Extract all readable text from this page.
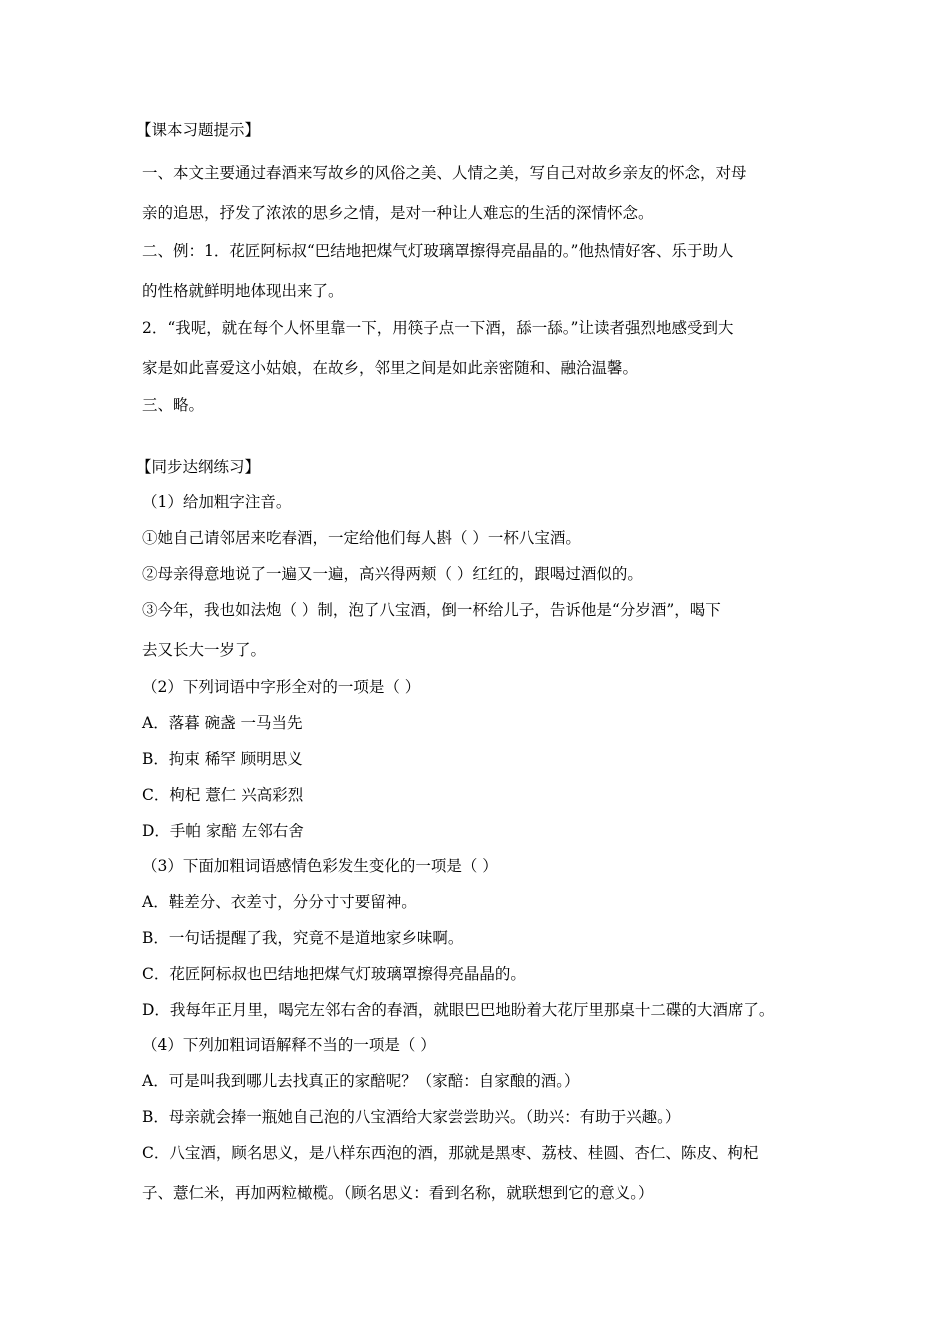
【课本习题提示】

一、本文主要通过春酒来写故乡的风俗之美、人情之美，写自己对故乡亲友的怀念，对母

亲的追思，抒发了浓浓的思乡之情，是对一种让人难忘的生活的深情怀念。

二、例：1．花匠阿标叔“巴结地把煤气灯玻璃罩擦得亮晶晶的。”他热情好客、乐于助人

的性格就鲜明地体现出来了。

2．“我呢，就在每个人怀里靠一下，用筷子点一下酒，舔一舔。”让读者强烈地感受到大

家是如此喜爱这小姑娘，在故乡，邻里之间是如此亲密随和、融洽温馨。

三、略。

【同步达纲练习】

（1）给加粗字注音。

①她自己请邻居来吃春酒，一定给他们每人斟（ ）一杯八宝酒。

②母亲得意地说了一遍又一遍，高兴得两颊（ ）红红的，跟喝过酒似的。

③今年，我也如法炮（ ）制，泡了八宝酒，倒一杯给儿子，告诉他是“分岁酒”，喝下

去又长大一岁了。

（2）下列词语中字形全对的一项是（ ）

A．落暮 碗盏 一马当先

B．拘束 稀罕 顾明思义

C．枸杞 薏仁 兴高彩烈

D．手帕 家醅 左邻右舍

（3）下面加粗词语感情色彩发生变化的一项是（ ）

A．鞋差分、衣差寸，分分寸寸要留神。

B．一句话提醒了我，究竟不是道地家乡味啊。

C．花匠阿标叔也巴结地把煤气灯玻璃罩擦得亮晶晶的。

D．我每年正月里，喝完左邻右舍的春酒，就眼巴巴地盼着大花厅里那桌十二碟的大酒席了。

（4）下列加粗词语解释不当的一项是（ ）

A．可是叫我到哪儿去找真正的家醅呢？（家醅：自家酿的酒。）

B．母亲就会捧一瓶她自己泡的八宝酒给大家尝尝助兴。（助兴：有助于兴趣。）

C．八宝酒，顾名思义，是八样东西泡的酒，那就是黑枣、荔枝、桂圆、杏仁、陈皮、枸杞

子、薏仁米，再加两粒橄榄。（顾名思义：看到名称，就联想到它的意义。）
